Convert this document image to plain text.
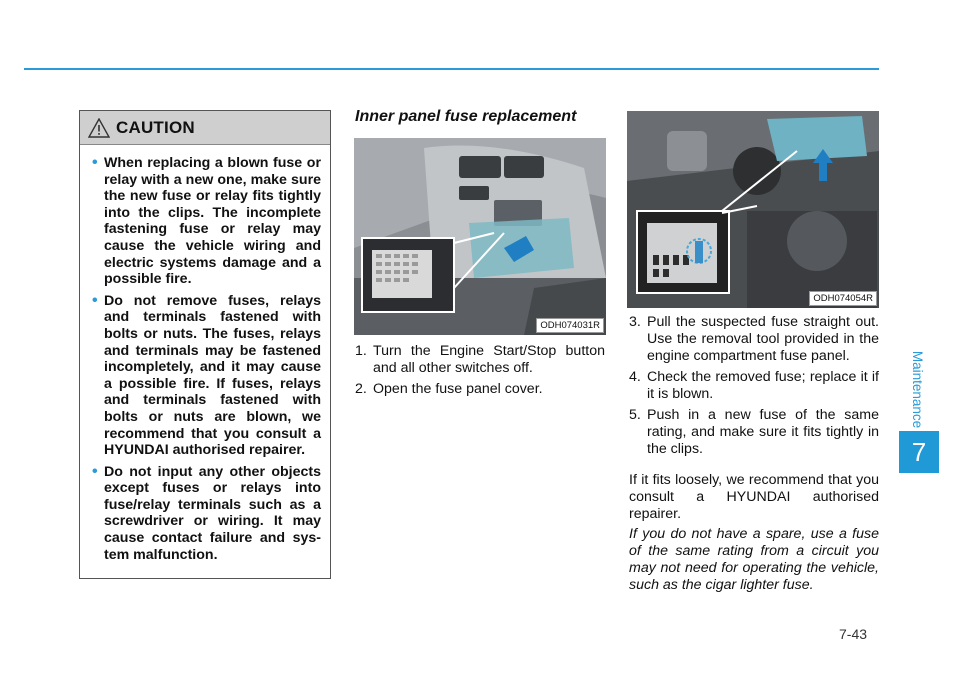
CAUTION
• When replacing a blown fuse or relay with a new one, make sure the new fuse or relay fits tightly into the clips. The incomplete fastening fuse or relay may cause the vehicle wiring and electric systems damage and a possible fire.
• Do not remove fuses, relays and terminals fastened with bolts or nuts. The fuses, relays and terminals may be fastened incompletely, and it may cause a possible fire. If fuses, relays and terminals fastened with bolts or nuts are blown, we recommend that you consult a HYUNDAI authorised repairer.
• Do not input any other objects except fuses or relays into fuse/relay terminals such as a screwdriver or wiring. It may cause contact failure and sys-tem malfunction.
Inner panel fuse replacement
ODH074031R
1. Turn the Engine Start/Stop button and all other switches off.
2. Open the fuse panel cover.
ODH074054R
3. Pull the suspected fuse straight out. Use the removal tool provided in the engine compartment fuse panel.
4. Check the removed fuse; replace it if it is blown.
5. Push in a new fuse of the same rating, and make sure it fits tightly in the clips.
If it fits loosely, we recommend that you consult a HYUNDAI authorised repairer.
If you do not have a spare, use a fuse of the same rating from a circuit you may not need for operating the vehicle, such as the cigar lighter fuse.
Maintenance
7
7-43
